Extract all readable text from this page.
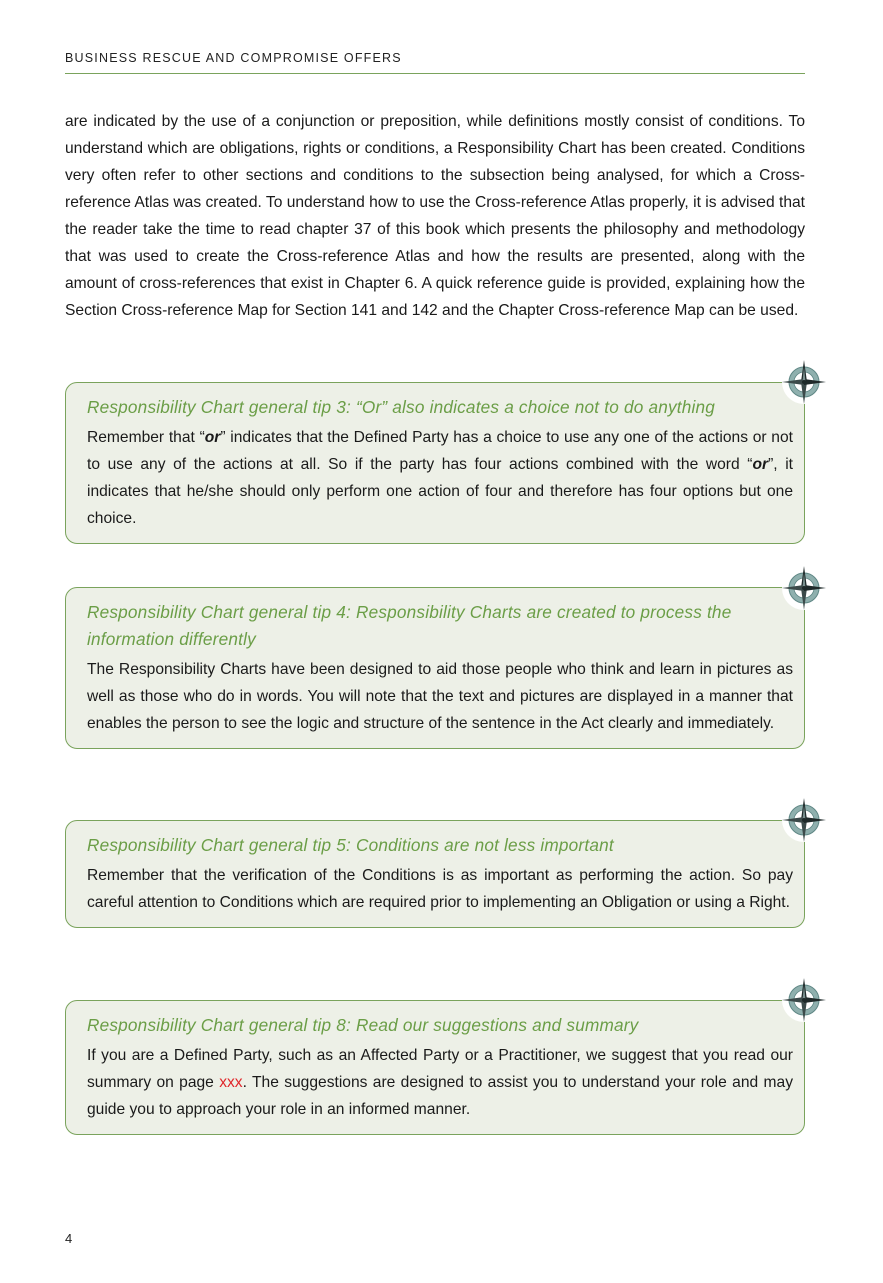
BUSINESS RESCUE AND COMPROMISE OFFERS

are indicated by the use of a conjunction or preposition, while definitions mostly consist of conditions. To understand which are obligations, rights or conditions, a Responsibility Chart has been created. Conditions very often refer to other sections and conditions to the subsection being analysed, for which a Cross-reference Atlas was created. To understand how to use the Cross-reference Atlas properly, it is advised that the reader take the time to read chapter 37 of this book which presents the philosophy and methodology that was used to create the Cross-reference Atlas and how the results are presented, along with the amount of cross-references that exist in Chapter 6. A quick reference guide is provided, explaining how the Section Cross-reference Map for Section 141 and 142 and the Chapter Cross-reference Map can be used.

Responsibility Chart general tip 3: “Or” also indicates a choice not to do anything

Remember that “or” indicates that the Defined Party has a choice to use any one of the actions or not to use any of the actions at all. So if the party has four actions combined with the word “or”, it indicates that he/she should only perform one action of four and therefore has four options but one choice.

Responsibility Chart general tip 4: Responsibility Charts are created to process the information differently

The Responsibility Charts have been designed to aid those people who think and learn in pictures as well as those who do in words. You will note that the text and pictures are displayed in a manner that enables the person to see the logic and structure of the sentence in the Act clearly and immediately.

Responsibility Chart general tip 5: Conditions are not less important

Remember that the verification of the Conditions is as important as performing the action. So pay careful attention to Conditions which are required prior to implementing an Obligation or using a Right.

Responsibility Chart general tip 8: Read our suggestions and summary

If you are a Defined Party, such as an Affected Party or a Practitioner, we suggest that you read our summary on page xxx. The suggestions are designed to assist you to understand your role and may guide you to approach your role in an informed manner.

4
